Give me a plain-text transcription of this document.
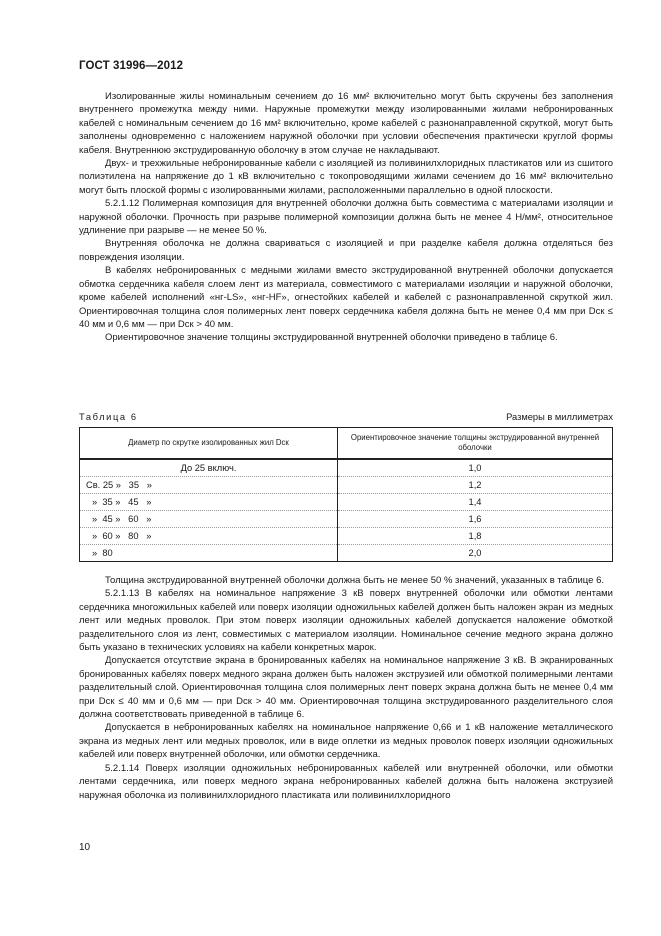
ГОСТ 31996—2012

Изолированные жилы номинальным сечением до 16 мм² включительно могут быть скручены без заполнения внутреннего промежутка между ними. Наружные промежутки между изолированными жилами небронированных кабелей с номинальным сечением до 16 мм² включительно, кроме кабелей с разнонаправленной скруткой, могут быть заполнены одновременно с наложением наружной оболочки при условии обеспечения практически круглой формы кабеля. Внутреннюю экструдированную оболочку в этом случае не накладывают.

Двух- и трехжильные небронированные кабели с изоляцией из поливинилхлоридных пластикатов или из сшитого полиэтилена на напряжение до 1 кВ включительно с токопроводящими жилами сечением до 16 мм² включительно могут быть плоской формы с изолированными жилами, расположенными параллельно в одной плоскости.

5.2.1.12 Полимерная композиция для внутренней оболочки должна быть совместима с материалами изоляции и наружной оболочки. Прочность при разрыве полимерной композиции должна быть не менее 4 Н/мм², относительное удлинение при разрыве — не менее 50 %.

Внутренняя оболочка не должна свариваться с изоляцией и при разделке кабеля должна отделяться без повреждения изоляции.

В кабелях небронированных с медными жилами вместо экструдированной внутренней оболочки допускается обмотка сердечника кабеля слоем лент из материала, совместимого с материалами изоляции и наружной оболочки, кроме кабелей исполнений «нг-LS», «нг-HF», огнестойких кабелей и кабелей с разнонаправленной скруткой жил. Ориентировочная толщина слоя полимерных лент поверх сердечника кабеля должна быть не менее 0,4 мм при Dск ≤ 40 мм и 0,6 мм — при Dск > 40 мм.

Ориентировочное значение толщины экструдированной внутренней оболочки приведено в таблице 6.

Таблица 6	Размеры в миллиметрах
Диаметр по скрутке изолированных жил Dск	Ориентировочное значение толщины экструдированной внутренней оболочки
До 25 включ.	1,0
Св. 25 »   35   »	1,2
»  35 »   45   »	1,4
»  45 »   60   »	1,6
»  60 »   80   »	1,8
»  80	2,0

Толщина экструдированной внутренней оболочки должна быть не менее 50 % значений, указанных в таблице 6.

5.2.1.13 В кабелях на номинальное напряжение 3 кВ поверх внутренней оболочки или обмотки лентами сердечника многожильных кабелей или поверх изоляции одножильных кабелей должен быть наложен экран из медных лент или медных проволок. При этом поверх изоляции одножильных кабелей допускается наложение обмоткой разделительного слоя из лент, совместимых с материалом изоляции. Номинальное сечение медного экрана должно быть указано в технических условиях на кабели конкретных марок.

Допускается отсутствие экрана в бронированных кабелях на номинальное напряжение 3 кВ. В экранированных бронированных кабелях поверх медного экрана должен быть наложен экструзией или обмоткой полимерными лентами разделительный слой. Ориентировочная толщина слоя полимерных лент поверх экрана должна быть не менее 0,4 мм при Dск ≤ 40 мм и 0,6 мм — при Dск > 40 мм. Ориентировочная толщина экструдированного разделительного слоя должна соответствовать приведенной в таблице 6.

Допускается в небронированных кабелях на номинальное напряжение 0,66 и 1 кВ наложение металлического экрана из медных лент или медных проволок, или в виде оплетки из медных проволок поверх изоляции одножильных кабелей или поверх внутренней оболочки, или обмотки сердечника.

5.2.1.14 Поверх изоляции одножильных небронированных кабелей или внутренней оболочки, или обмотки лентами сердечника, или поверх медного экрана небронированных кабелей должна быть наложена экструзией наружная оболочка из поливинилхлоридного пластиката или поливинилхлоридного

10
